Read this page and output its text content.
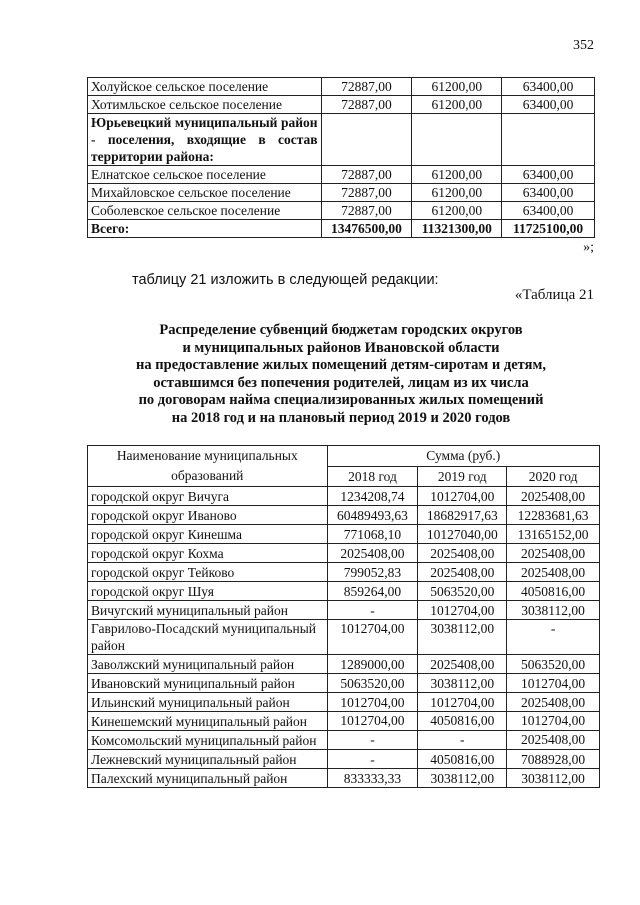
352
Холуйское сельское поселение	72887,00	61200,00	63400,00
Хотимльское сельское поселение	72887,00	61200,00	63400,00
Юрьевецкий муниципальный район - поселения, входящие в состав территории района:			
Елнатское сельское поселение	72887,00	61200,00	63400,00
Михайловское сельское поселение	72887,00	61200,00	63400,00
Соболевское сельское поселение	72887,00	61200,00	63400,00
Всего:	13476500,00	11321300,00	11725100,00
»;
таблицу 21 изложить в следующей редакции:
«Таблица 21
Распределение субвенций бюджетам городских округов
и муниципальных районов Ивановской области
на предоставление жилых помещений детям-сиротам и детям,
оставшимся без попечения родителей, лицам из их числа
по договорам найма специализированных жилых помещений
на 2018 год и на плановый период 2019 и 2020 годов
Наименование муниципальных образований	Сумма (руб.)		
	2018 год	2019 год	2020 год
городской округ Вичуга	1234208,74	1012704,00	2025408,00
городской округ Иваново	60489493,63	18682917,63	12283681,63
городской округ Кинешма	771068,10	10127040,00	13165152,00
городской округ Кохма	2025408,00	2025408,00	2025408,00
городской округ Тейково	799052,83	2025408,00	2025408,00
городской округ Шуя	859264,00	5063520,00	4050816,00
Вичугский муниципальный район	-	1012704,00	3038112,00
Гаврилово-Посадский муниципальный район	1012704,00	3038112,00	-
Заволжский муниципальный район	1289000,00	2025408,00	5063520,00
Ивановский муниципальный район	5063520,00	3038112,00	1012704,00
Ильинский муниципальный район	1012704,00	1012704,00	2025408,00
Кинешемский муниципальный район	1012704,00	4050816,00	1012704,00
Комсомольский муниципальный район	-	-	2025408,00
Лежневский муниципальный район	-	4050816,00	7088928,00
Палехский муниципальный район	833333,33	3038112,00	3038112,00
